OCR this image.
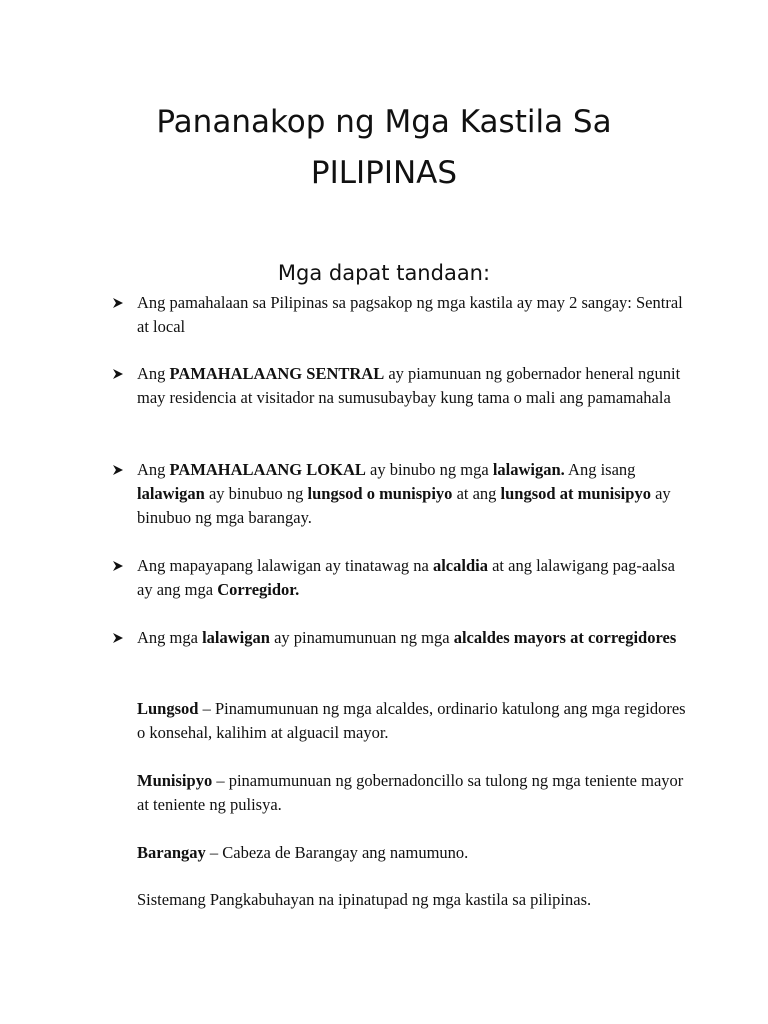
Pananakop ng Mga Kastila Sa
PILIPINAS
Mga dapat tandaan:
Ang pamahalaan sa Pilipinas sa pagsakop ng mga kastila ay may 2 sangay: Sentral at local
Ang PAMAHALAANG SENTRAL ay piamunuan ng gobernador heneral ngunit may residencia at visitador na sumusubaybay kung tama o mali ang pamamahala
Ang PAMAHALAANG LOKAL ay binubo ng mga lalawigan. Ang isang lalawigan ay binubuo ng lungsod o munispiyo at ang lungsod at munisipyo ay binubuo ng mga barangay.
Ang mapayapang lalawigan ay tinatawag na alcaldia at ang lalawigang pag-aalsa ay ang mga Corregidor.
Ang mga lalawigan ay pinamumunuan ng mga alcaldes mayors at corregidores
Lungsod – Pinamumunuan ng mga alcaldes, ordinario katulong ang mga regidores o konsehal, kalihim at alguacil mayor.
Munisipyo – pinamumunuan ng gobernadoncillo sa tulong ng mga teniente mayor at teniente ng pulisya.
Barangay – Cabeza de Barangay ang namumuno.
Sistemang Pangkabuhayan na ipinatupad ng mga kastila sa pilipinas.
